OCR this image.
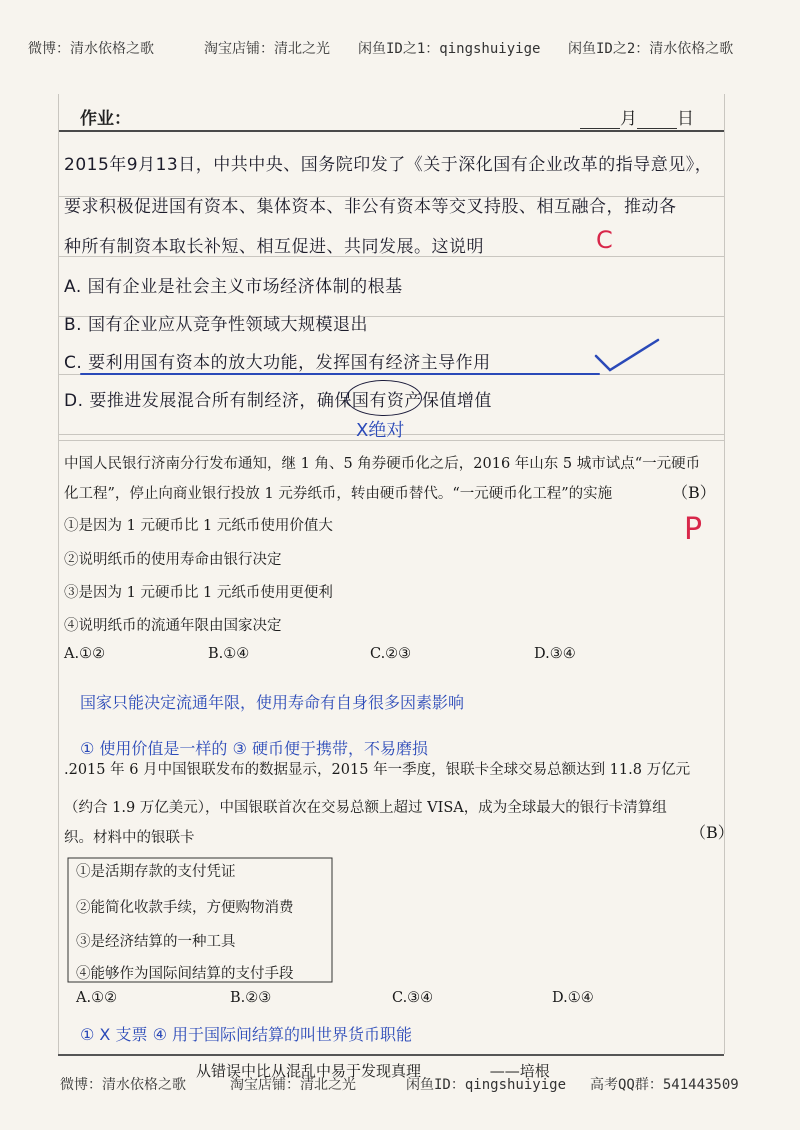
微博：清水依格之歌	淘宝店铺：清北之光 闲鱼ID之1：qingshuiyige 闲鱼ID之2：清水依格之歌
作业：	月 日
2015年9月13日，中共中央、国务院印发了《关于深化国有企业改革的指导意见》，
要求积极促进国有资本、集体资本、非公有资本等交叉持股、相互融合，推动各
种所有制资本取长补短、相互促进、共同发展。这说明	C
A. 国有企业是社会主义市场经济体制的根基
B. 国有企业应从竞争性领域大规模退出
C. 要利用国有资本的放大功能，发挥国有经济主导作用
D. 要推进发展混合所有制经济，确保国有资产保值增值
X绝对
中国人民银行济南分行发布通知，继 1 角、5 角券硬币化之后，2016 年山东 5 城市试点“一元硬币
化工程”，停止向商业银行投放 1 元券纸币，转由硬币替代。“一元硬币化工程”的实施	（B）
P
①是因为 1 元硬币比 1 元纸币使用价值大
②说明纸币的使用寿命由银行决定
③是因为 1 元硬币比 1 元纸币使用更便利
④说明纸币的流通年限由国家决定
A.①②	B.①④	C.②③	D.③④
国家只能决定流通年限，使用寿命有自身很多因素影响
① 使用价值是一样的 ③ 硬币便于携带，不易磨损
.2015 年 6 月中国银联发布的数据显示，2015 年一季度，银联卡全球交易总额达到 11.8 万亿元
（约合 1.9 万亿美元），中国银联首次在交易总额上超过 VISA，成为全球最大的银行卡清算组
织。材料中的银联卡	（B）
①是活期存款的支付凭证
②能简化收款手续，方便购物消费
③是经济结算的一种工具
④能够作为国际间结算的支付手段
A.①②	B.②③	C.③④	D.①④
① X 支票 ④ 用于国际间结算的叫世界货币职能
从错误中比从混乱中易于发现真理	——培根
微博：清水依格之歌	淘宝店铺：清北之光	闲鱼ID：qingshuiyige 高考QQ群：541443509
